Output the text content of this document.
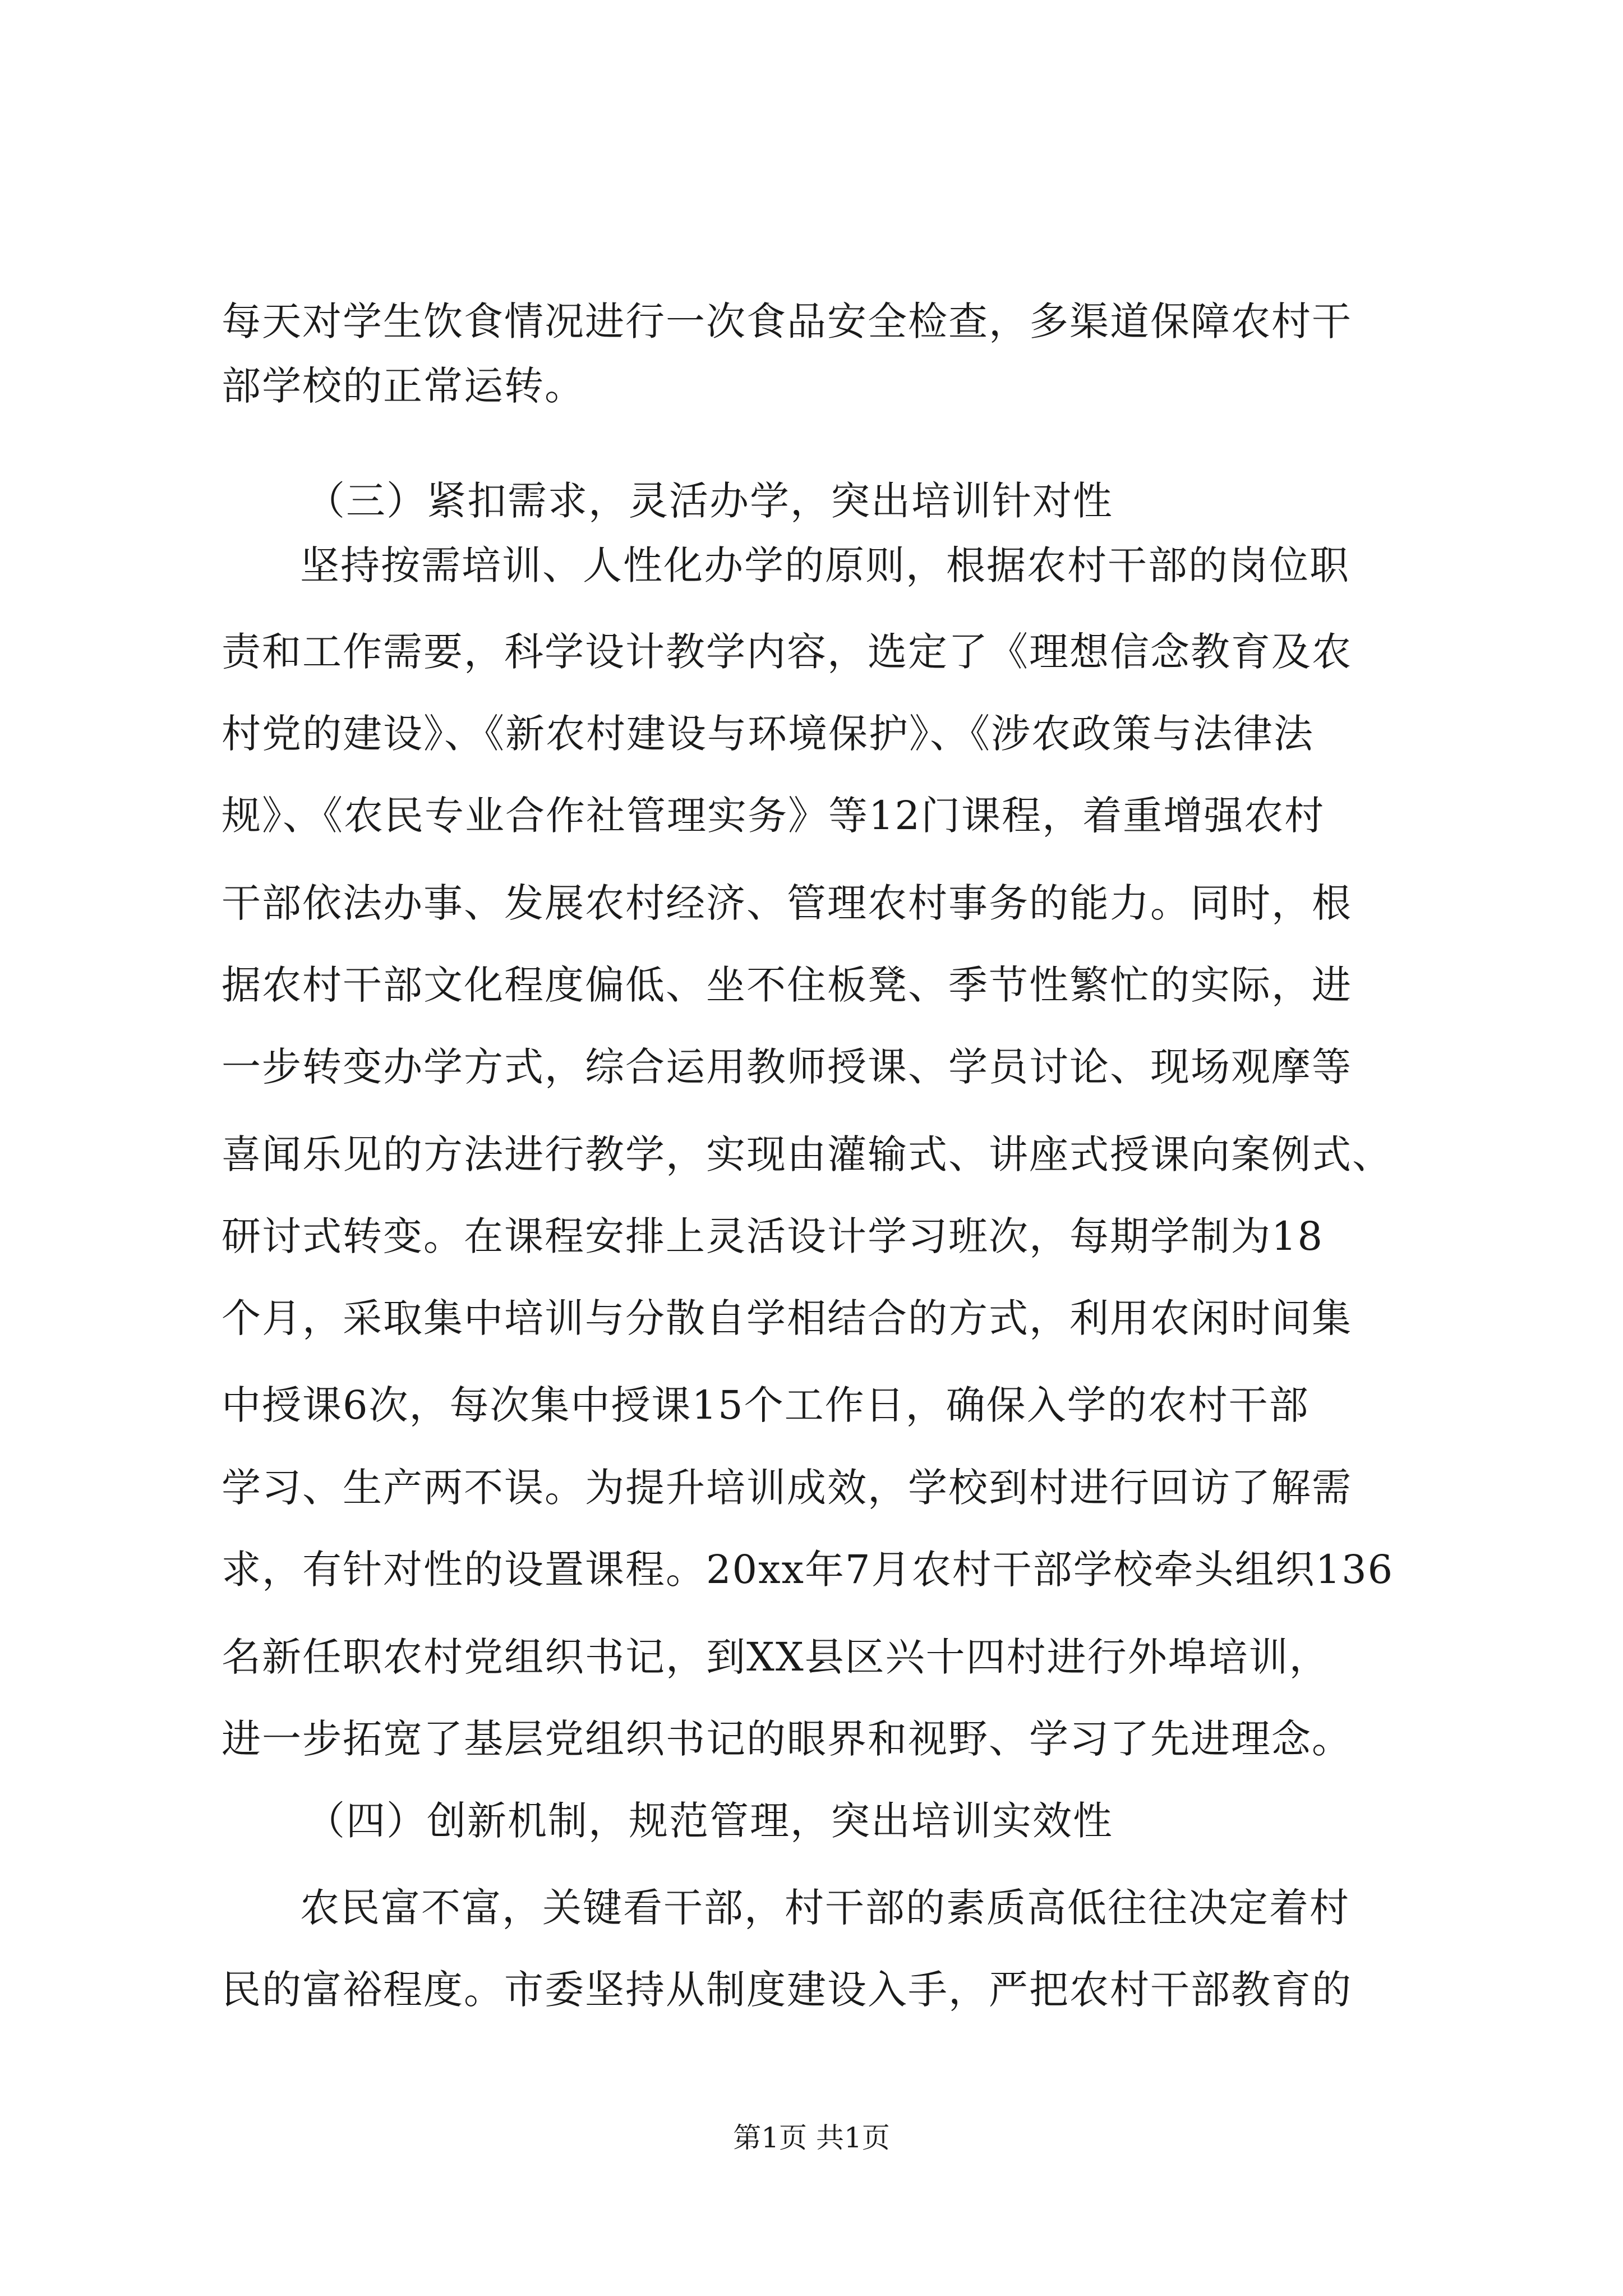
每天对学生饮食情况进行一次食品安全检查，多渠道保障农村干
部学校的正常运转。
（三）紧扣需求，灵活办学，突出培训针对性
坚持按需培训、人性化办学的原则，根据农村干部的岗位职
责和工作需要，科学设计教学内容，选定了《理想信念教育及农
村党的建设》、《新农村建设与环境保护》、《涉农政策与法律法
规》、《农民专业合作社管理实务》等12门课程，着重增强农村
干部依法办事、发展农村经济、管理农村事务的能力。同时，根
据农村干部文化程度偏低、坐不住板凳、季节性繁忙的实际，进
一步转变办学方式，综合运用教师授课、学员讨论、现场观摩等
喜闻乐见的方法进行教学，实现由灌输式、讲座式授课向案例式、
研讨式转变。在课程安排上灵活设计学习班次，每期学制为18
个月，采取集中培训与分散自学相结合的方式，利用农闲时间集
中授课6次，每次集中授课15个工作日，确保入学的农村干部
学习、生产两不误。为提升培训成效，学校到村进行回访了解需
求，有针对性的设置课程。20xx年7月农村干部学校牵头组织136
名新任职农村党组织书记，到XX县区兴十四村进行外埠培训，
进一步拓宽了基层党组织书记的眼界和视野、学习了先进理念。
（四）创新机制，规范管理，突出培训实效性
农民富不富，关键看干部，村干部的素质高低往往决定着村
民的富裕程度。市委坚持从制度建设入手，严把农村干部教育的
第1页 共1页
